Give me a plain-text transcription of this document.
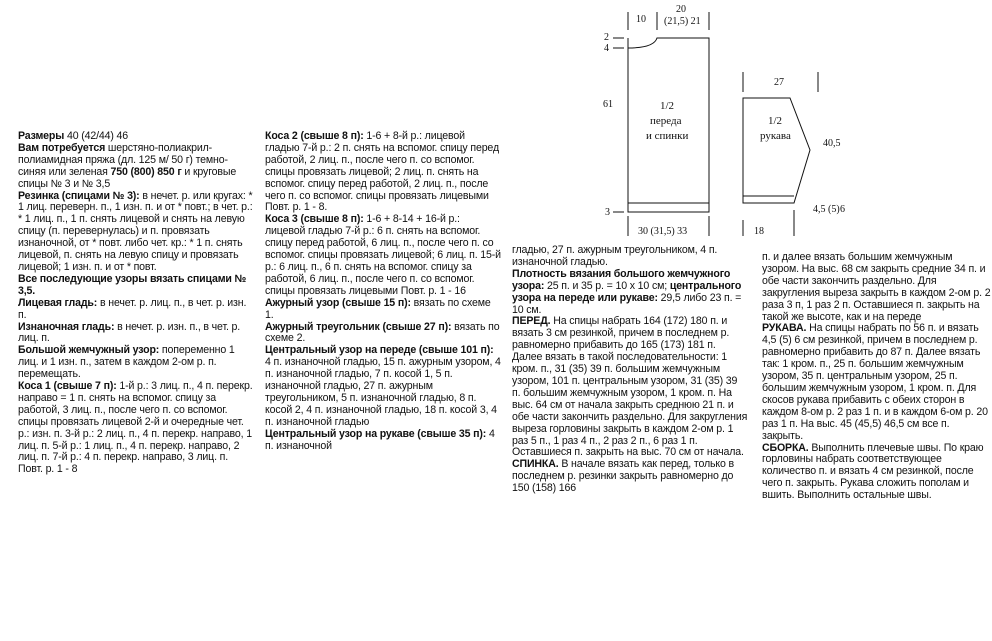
Размеры 40 (42/44) 46

Вам потребуется шерстяно-полиакрил-полиамидная пряжа (дл. 125 м/ 50 г) темно-синяя или зеленая 750 (800) 850 г и круговые спицы № 3 и № 3,5

Резинка (спицами № 3): в нечет. р. или кругах: * 1 лиц. переверн. п., 1 изн. п. и от * повт.; в чет. р.: * 1 лиц. п., 1 п. снять лицевой и снять на левую спицу (п. перевернулась) и п. провязать изнаночной, от * повт. либо чет. кр.: * 1 п. снять лицевой, п. снять на левую спицу и провязать лицевой; 1 изн. п. и от * повт.

Все последующие узоры вязать спицами № 3,5.

Лицевая гладь: в нечет. р. лиц. п., в чет. р. изн. п.

Изнаночная гладь: в нечет. р. изн. п., в чет. р. лиц. п.

Большой жемчужный узор: попеременно 1 лиц. и 1 изн. п., затем в каждом 2-ом р. п. перемещать.

Коса 1 (свыше 7 п): 1-й р.: 3 лиц. п., 4 п. перекр. направо = 1 п. снять на вспомог. спицу за работой, 3 лиц. п., после чего п. со вспомог. спицы провязать лицевой 2-й и очередные чет. р.: изн. п. 3-й р.: 2 лиц. п., 4 п. перекр. направо, 1 лиц. п. 5-й р.: 1 лиц. п., 4 п. перекр. направо, 2 лиц. п. 7-й р.: 4 п. перекр. направо, 3 лиц. п. Повт. р. 1 - 8

Коса 2 (свыше 8 п): 1-6 + 8-й р.: лицевой гладью 7-й р.: 2 п. снять на вспомог. спицу перед работой, 2 лиц. п., после чего п. со вспомог. спицы провязать лицевой; 2 лиц. п. снять на вспомог. спицу перед работой, 2 лиц. п., после чего п. со вспомог. спицы провязать лицевыми Повт. р. 1 - 8.

Коса 3 (свыше 8 п): 1-6 + 8-14 + 16-й р.: лицевой гладью 7-й р.: 6 п. снять на вспомог. спицу перед работой, 6 лиц. п., после чего п. со вспомог. спицы провязать лицевой; 6 лиц. п. 15-й р.: 6 лиц. п., 6 п. снять на вспомог. спицу за работой, 6 лиц. п., после чего п. со вспомог. спицы провязать лицевыми Повт. р. 1 - 16

Ажурный узор (свыше 15 п): вязать по схеме 1.

Ажурный треугольник (свыше 27 п): вязать по схеме 2.

Центральный узор на переде (свыше 101 п): 4 п. изнаночной гладью, 15 п. ажурным узором, 4 п. изнаночной гладью, 7 п. косой 1, 5 п. изнаночной гладью, 27 п. ажурным треугольником, 5 п. изнаночной гладью, 8 п. косой 2, 4 п. изнаночной гладью, 18 п. косой 3, 4 п. изнаночной гладью

Центральный узор на рукаве (свыше 35 п): 4 п. изнаночной

гладью, 27 п. ажурным треугольником, 4 п. изнаночной гладью.

Плотность вязания большого жемчужного узора: 25 п. и 35 р. = 10 х 10 см; центрального узора на переде или рукаве: 29,5 либо 23 п. = 10 см.

ПЕРЕД. На спицы набрать 164 (172) 180 п. и вязать 3 см резинкой, причем в последнем р. равномерно прибавить до 165 (173) 181 п. Далее вязать в такой последовательности: 1 кром. п., 31 (35) 39 п. большим жемчужным узором, 101 п. центральным узором, 31 (35) 39 п. большим жемчужным узором, 1 кром. п. На выс. 64 см от начала закрыть среднюю 21 п. и обе части закончить раздельно. Для закругления выреза горловины закрыть в каждом 2-ом р. 1 раз 5 п., 1 раз 4 п., 2 раз 2 п., 6 раз 1 п. Оставшиеся п. закрыть на выс. 70 см от начала.

СПИНКА. В начале вязать как перед, только в последнем р. резинки закрыть равномерно до 150 (158) 166

п. и далее вязать большим жемчужным узором. На выс. 68 см закрыть средние 34 п. и обе части закончить раздельно. Для закругления выреза закрыть в каждом 2-ом р. 2 раза 3 п, 1 раз 2 п. Оставшиеся п. закрыть на такой же высоте, как и на переде

РУКАВА. На спицы набрать по 56 п. и вязать 4,5 (5) 6 см резинкой, причем в последнем р. равномерно прибавить до 87 п. Далее вязать так: 1 кром. п., 25 п. большим жемчужным узором, 35 п. центральным узором, 25 п. большим жемчужным узором, 1 кром. п. Для скосов рукава прибавить с обеих сторон в каждом 8-ом р. 2 раз 1 п. и в каждом 6-ом р. 20 раз 1 п. На выс. 45 (45,5) 46,5 см все п. закрыть.

СБОРКА. Выполнить плечевые швы. По краю горловины набрать соответствующее количество п. и вязать 4 см резинкой, после чего п. закрыть. Рукава сложить пополам и вшить. Выполнить остальные швы.

10
20
(21,5) 21
2
4
61
3
30 (31,5) 33
1/2
переда
и спинки
27
1/2
рукава
40,5
4,5 (5) 6
18
